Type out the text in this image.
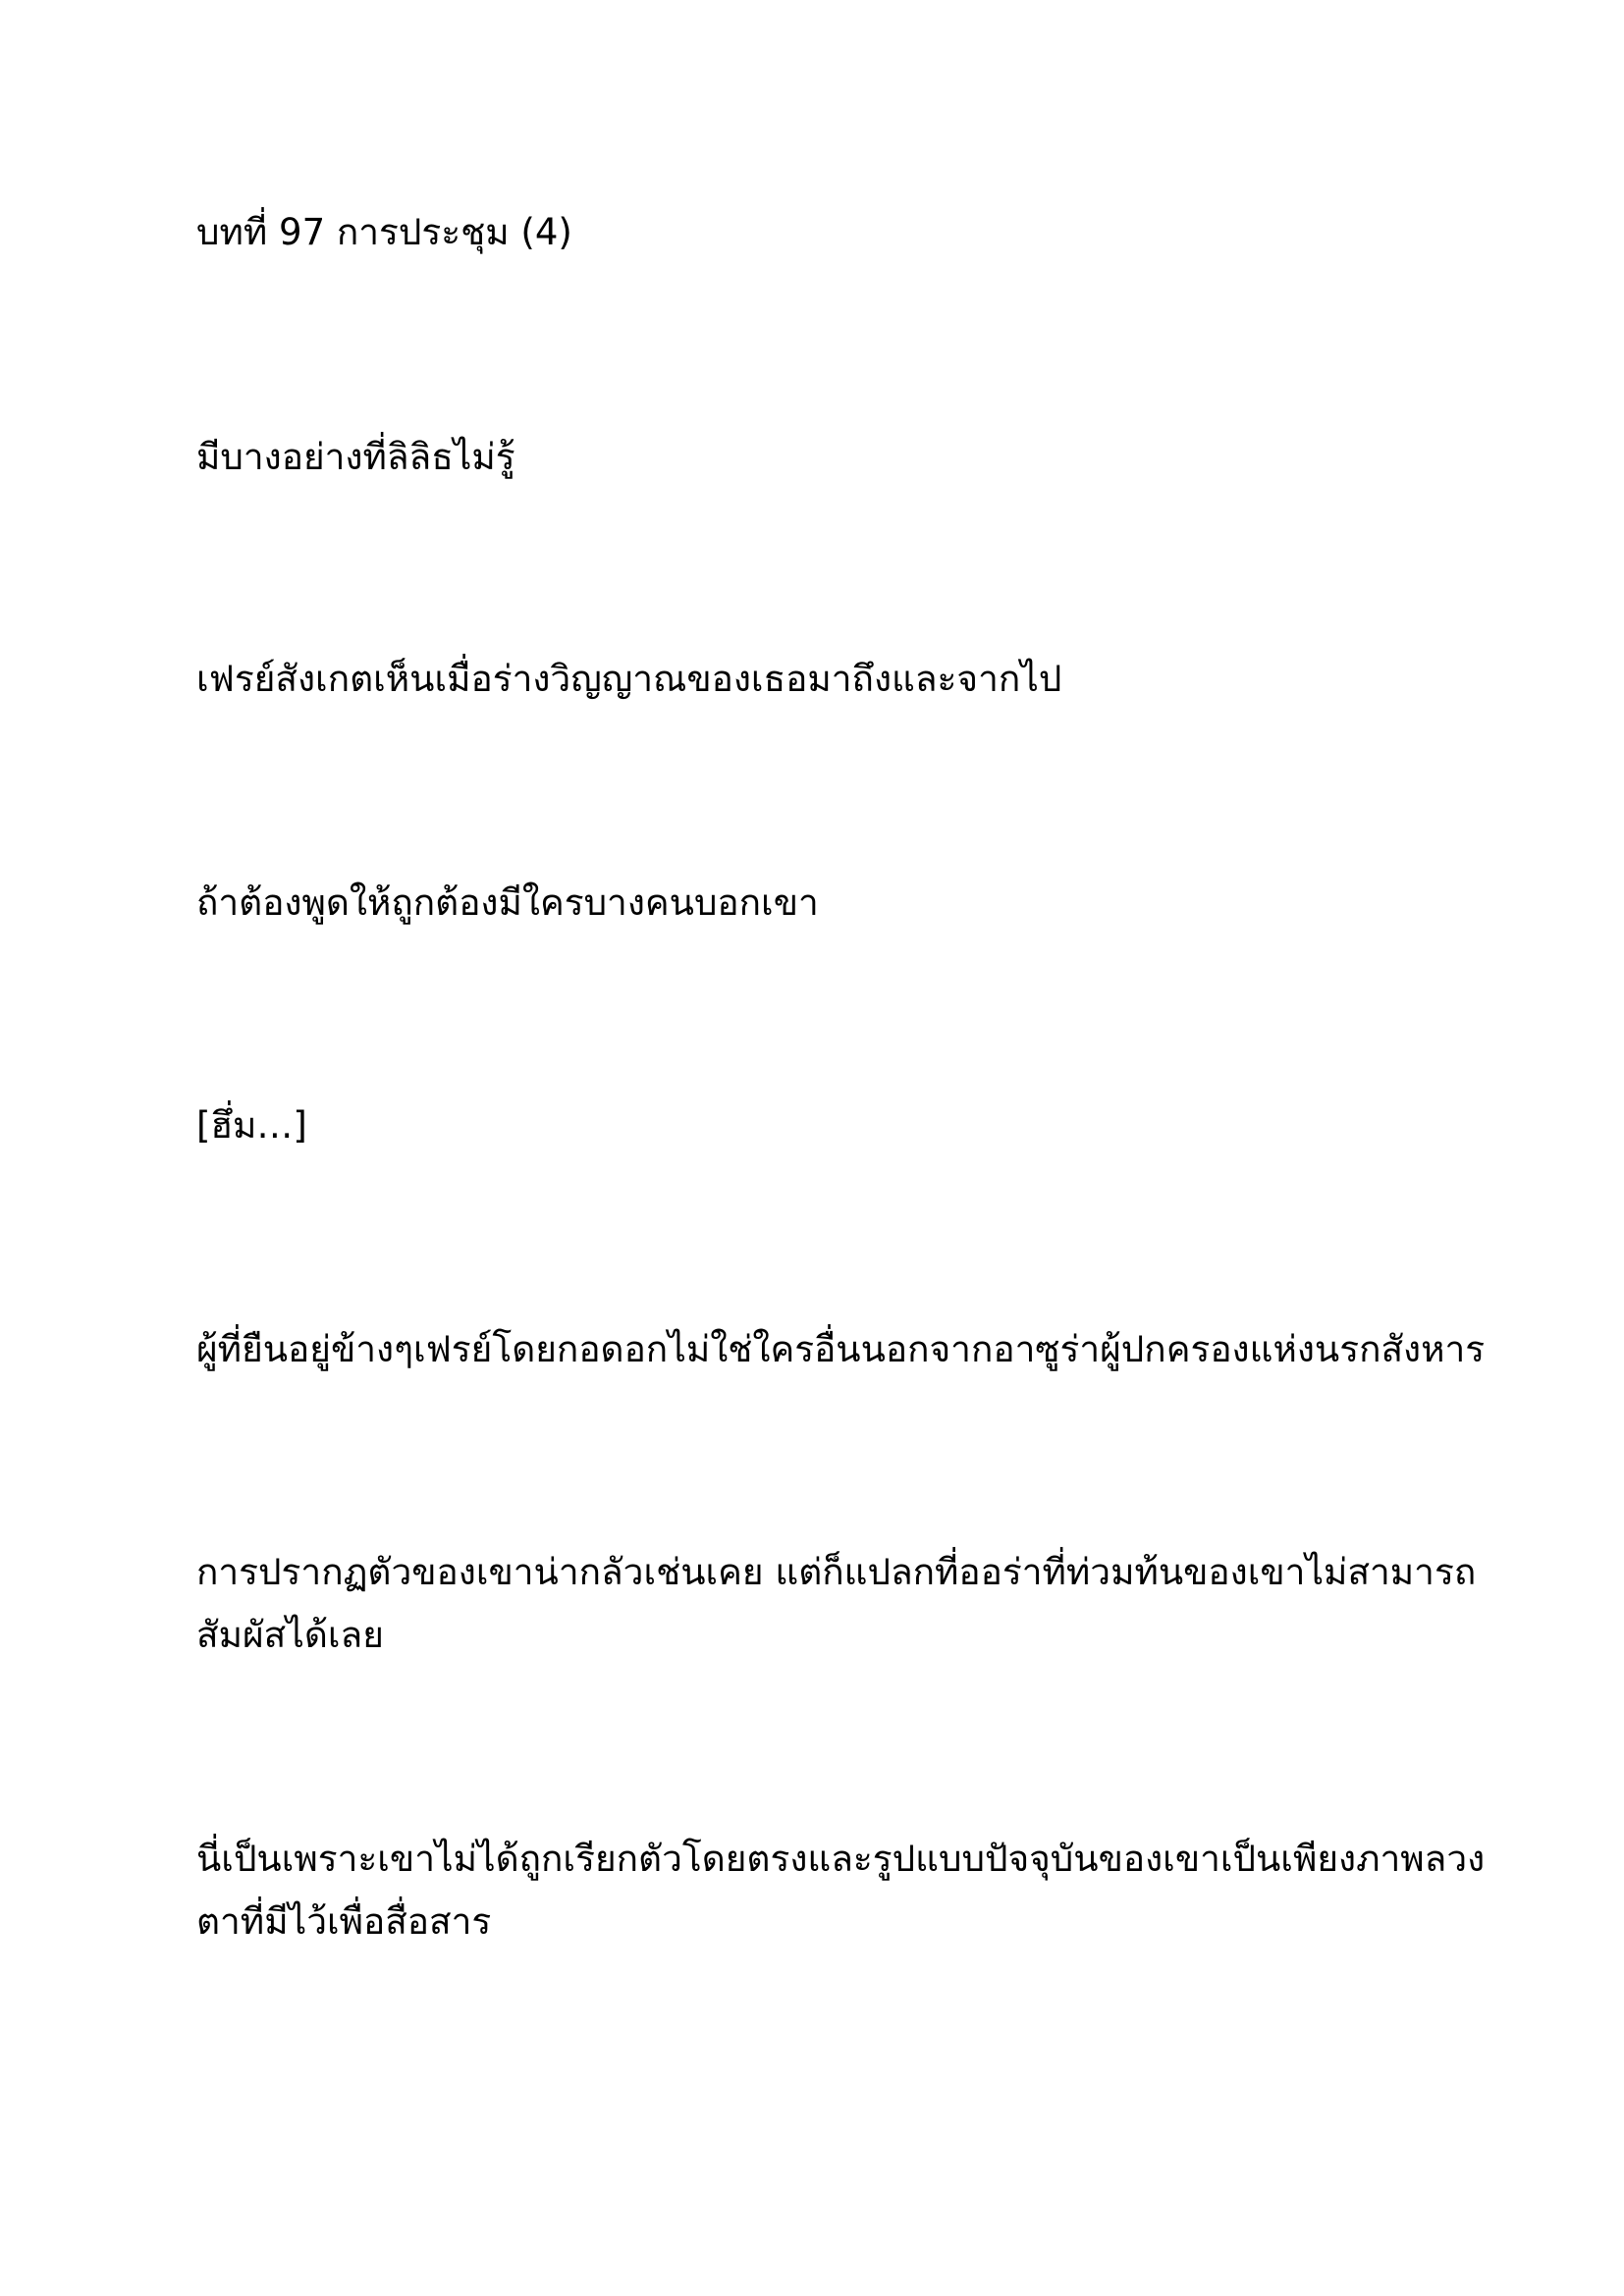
บทที่ 97 การประชุม (4)
มีบางอย่างที่ลิลิธไม่รู้
เฟรย์สังเกตเห็นเมื่อร่างวิญญาณของเธอมาถึงและจากไป
ถ้าต้องพูดให้ถูกต้องมีใครบางคนบอกเขา
[ฮึ่ม…]
ผู้ที่ยืนอยู่ข้างๆเฟรย์โดยกอดอกไม่ใช่ใครอื่นนอกจากอาซูร่าผู้ปกครองแห่งนรกสังหาร
การปรากฏตัวของเขาน่ากลัวเช่นเคย แต่ก็แปลกที่ออร่าที่ท่วมท้นของเขาไม่สามารถ
สัมผัสได้เลย
นี่เป็นเพราะเขาไม่ได้ถูกเรียกตัวโดยตรงและรูปแบบปัจจุบันของเขาเป็นเพียงภาพลวง
ตาที่มีไว้เพื่อสื่อสาร
